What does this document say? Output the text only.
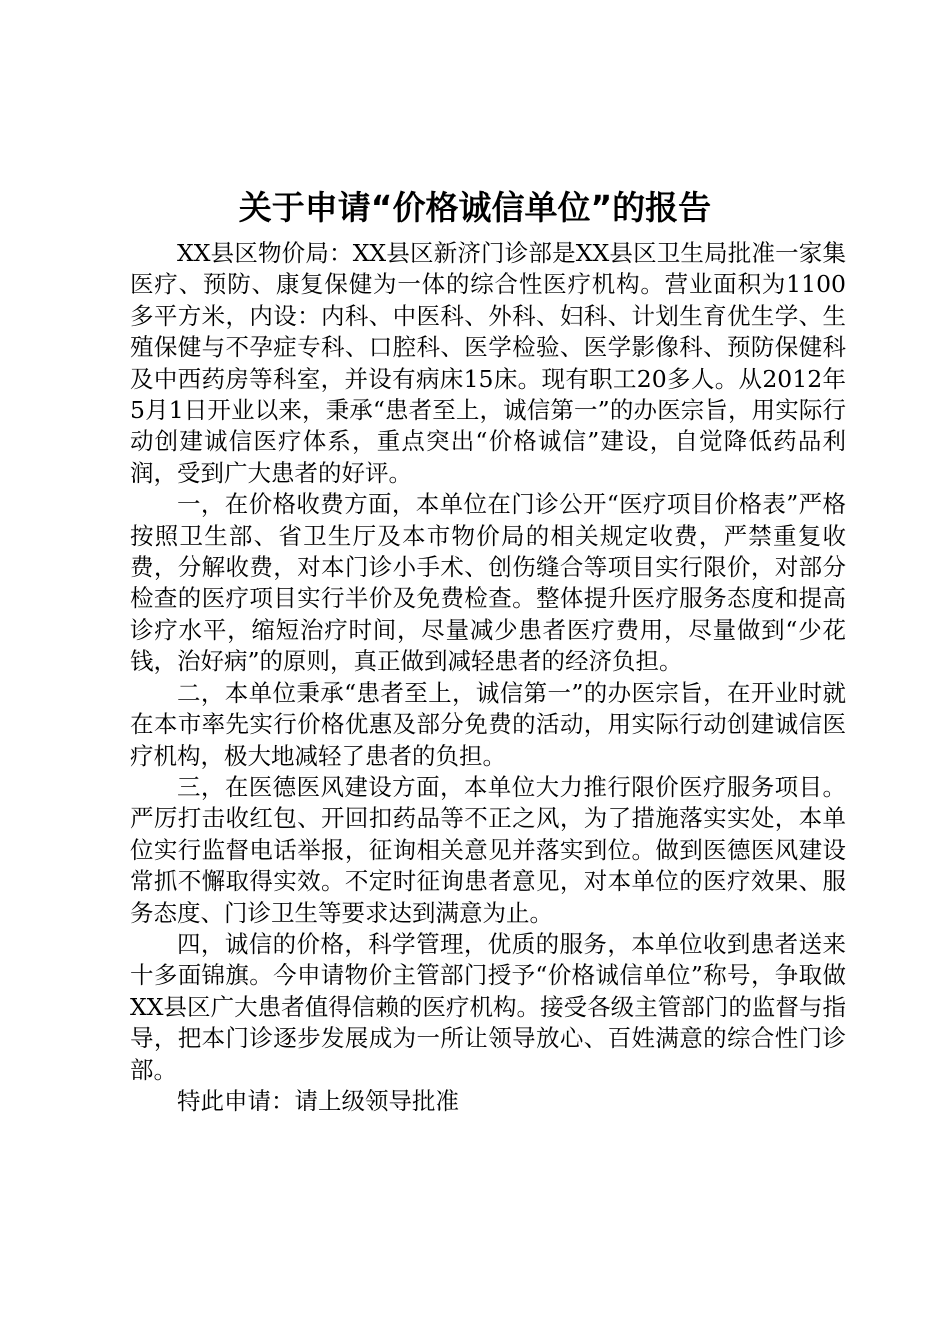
关于申请“价格诚信单位”的报告

XX县区物价局：XX县区新济门诊部是XX县区卫生局批准一家集医疗、预防、康复保健为一体的综合性医疗机构。营业面积为1100多平方米，内设：内科、中医科、外科、妇科、计划生育优生学、生殖保健与不孕症专科、口腔科、医学检验、医学影像科、预防保健科及中西药房等科室，并设有病床15床。现有职工20多人。从2012年5月1日开业以来，秉承“患者至上，诚信第一”的办医宗旨，用实际行动创建诚信医疗体系，重点突出“价格诚信”建设，自觉降低药品利润，受到广大患者的好评。

一，在价格收费方面，本单位在门诊公开“医疗项目价格表”严格按照卫生部、省卫生厅及本市物价局的相关规定收费，严禁重复收费，分解收费，对本门诊小手术、创伤缝合等项目实行限价，对部分检查的医疗项目实行半价及免费检查。整体提升医疗服务态度和提高诊疗水平，缩短治疗时间，尽量减少患者医疗费用，尽量做到“少花钱，治好病”的原则，真正做到减轻患者的经济负担。

二，本单位秉承“患者至上，诚信第一”的办医宗旨，在开业时就在本市率先实行价格优惠及部分免费的活动，用实际行动创建诚信医疗机构，极大地减轻了患者的负担。

三，在医德医风建设方面，本单位大力推行限价医疗服务项目。严厉打击收红包、开回扣药品等不正之风，为了措施落实实处，本单位实行监督电话举报，征询相关意见并落实到位。做到医德医风建设常抓不懈取得实效。不定时征询患者意见，对本单位的医疗效果、服务态度、门诊卫生等要求达到满意为止。

四，诚信的价格，科学管理，优质的服务，本单位收到患者送来十多面锦旗。今申请物价主管部门授予“价格诚信单位”称号，争取做XX县区广大患者值得信赖的医疗机构。接受各级主管部门的监督与指导，把本门诊逐步发展成为一所让领导放心、百姓满意的综合性门诊部。

特此申请：请上级领导批准
